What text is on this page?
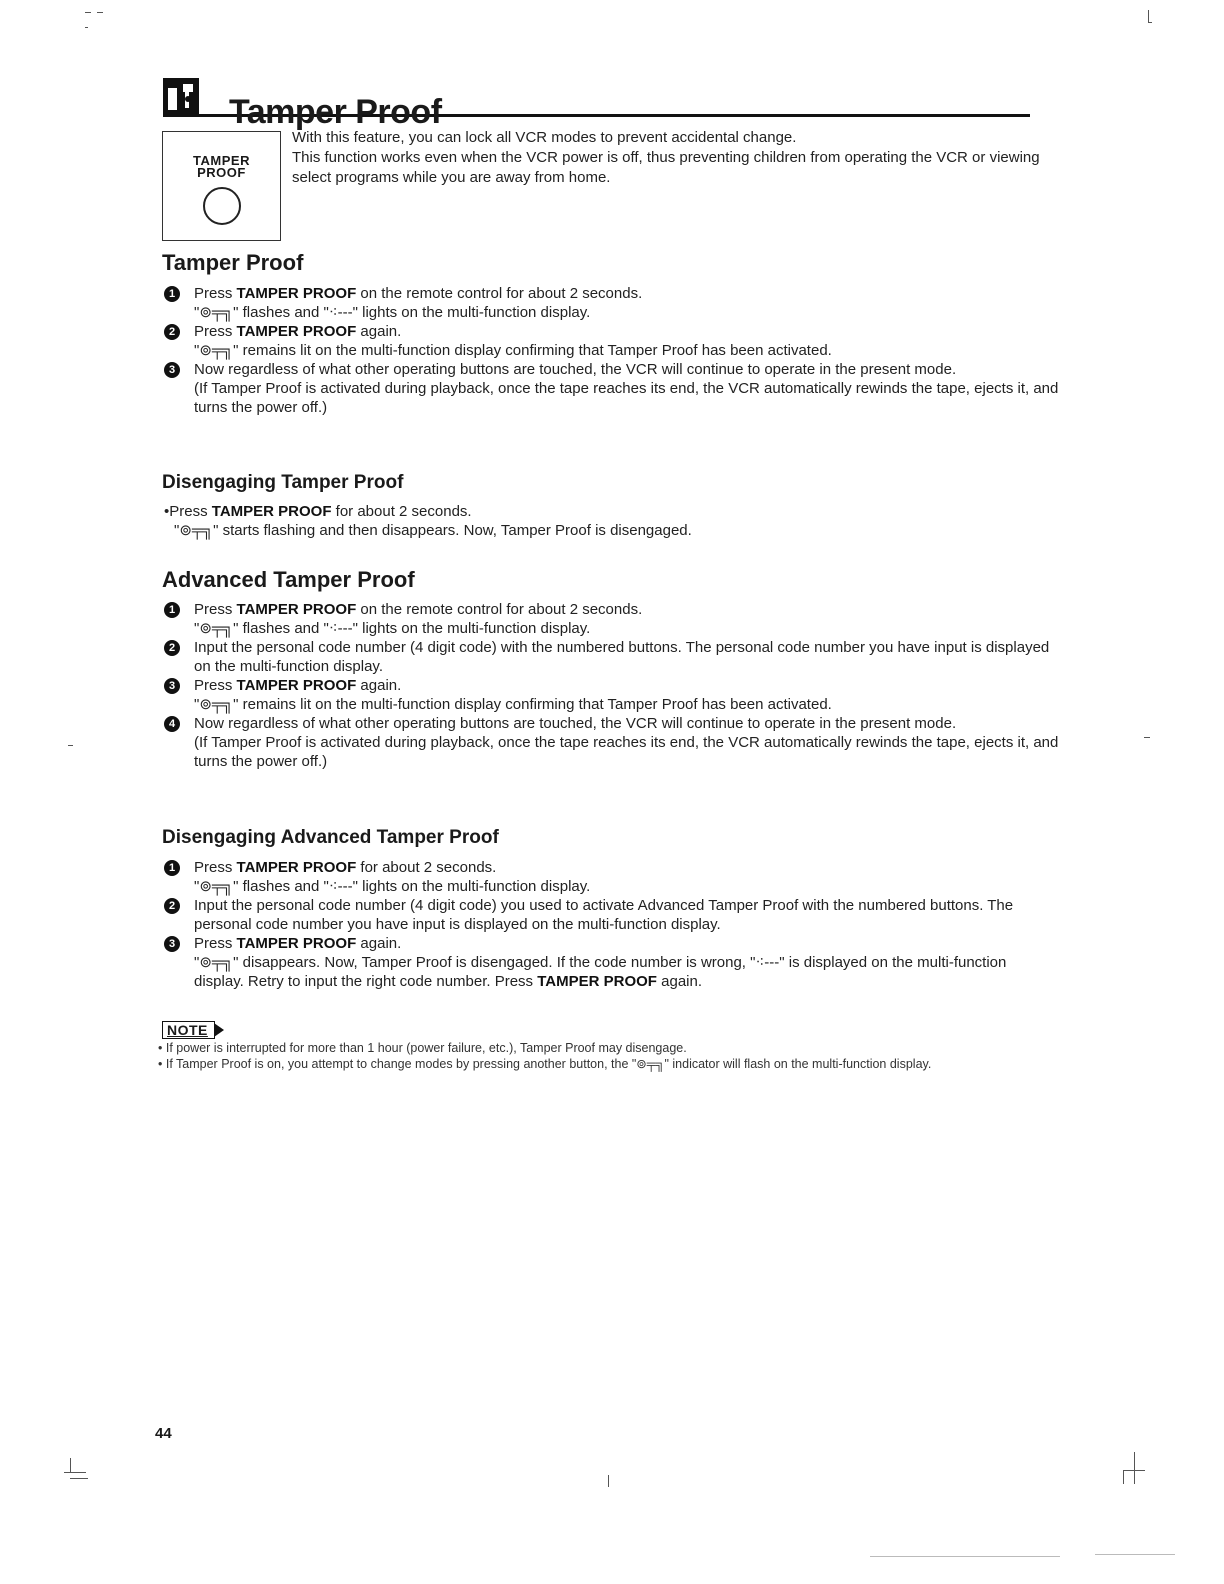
Tamper Proof
TAMPER
PROOF

With this feature, you can lock all VCR modes to prevent accidental change.

This function works even when the VCR power is off, thus preventing children from operating the VCR or viewing select programs while you are away from home.

Tamper Proof
1	Press TAMPER PROOF on the remote control for about 2 seconds.

"⊚╤╗" flashes and "⁖---" lights on the multi-function display.

2	Press TAMPER PROOF again.

"⊚╤╗" remains lit on the multi-function display confirming that Tamper Proof has been activated.

3	Now regardless of what other operating buttons are touched, the VCR will continue to operate in the present mode.

(If Tamper Proof is activated during playback, once the tape reaches its end, the VCR automatically rewinds the tape, ejects it, and turns the power off.)

Disengaging Tamper Proof

•Press TAMPER PROOF for about 2 seconds.

"⊚╤╗" starts flashing and then disappears. Now, Tamper Proof is disengaged.

Advanced Tamper Proof
1	Press TAMPER PROOF on the remote control for about 2 seconds.

"⊚╤╗" flashes and "⁖---" lights on the multi-function display.

2	Input the personal code number (4 digit code) with the numbered buttons. The personal code number you have input is displayed on the multi-function display.

3	Press TAMPER PROOF again.

"⊚╤╗" remains lit on the multi-function display confirming that Tamper Proof has been activated.

4	Now regardless of what other operating buttons are touched, the VCR will continue to operate in the present mode.

(If Tamper Proof is activated during playback, once the tape reaches its end, the VCR automatically rewinds the tape, ejects it, and turns the power off.)

Disengaging Advanced Tamper Proof
1	Press TAMPER PROOF for about 2 seconds.

"⊚╤╗" flashes and "⁖---" lights on the multi-function display.

2	Input the personal code number (4 digit code) you used to activate Advanced Tamper Proof with the numbered buttons. The personal code number you have input is displayed on the multi-function display.

3	Press TAMPER PROOF again.

"⊚╤╗" disappears. Now, Tamper Proof is disengaged. If the code number is wrong, "⁖---" is displayed on the multi-function display. Retry to input the right code number. Press TAMPER PROOF again.

NOTE

• If power is interrupted for more than 1 hour (power failure, etc.), Tamper Proof may disengage.

• If Tamper Proof is on, you attempt to change modes by pressing another button, the "⊚╤╗" indicator will flash on the multi-function display.

44
